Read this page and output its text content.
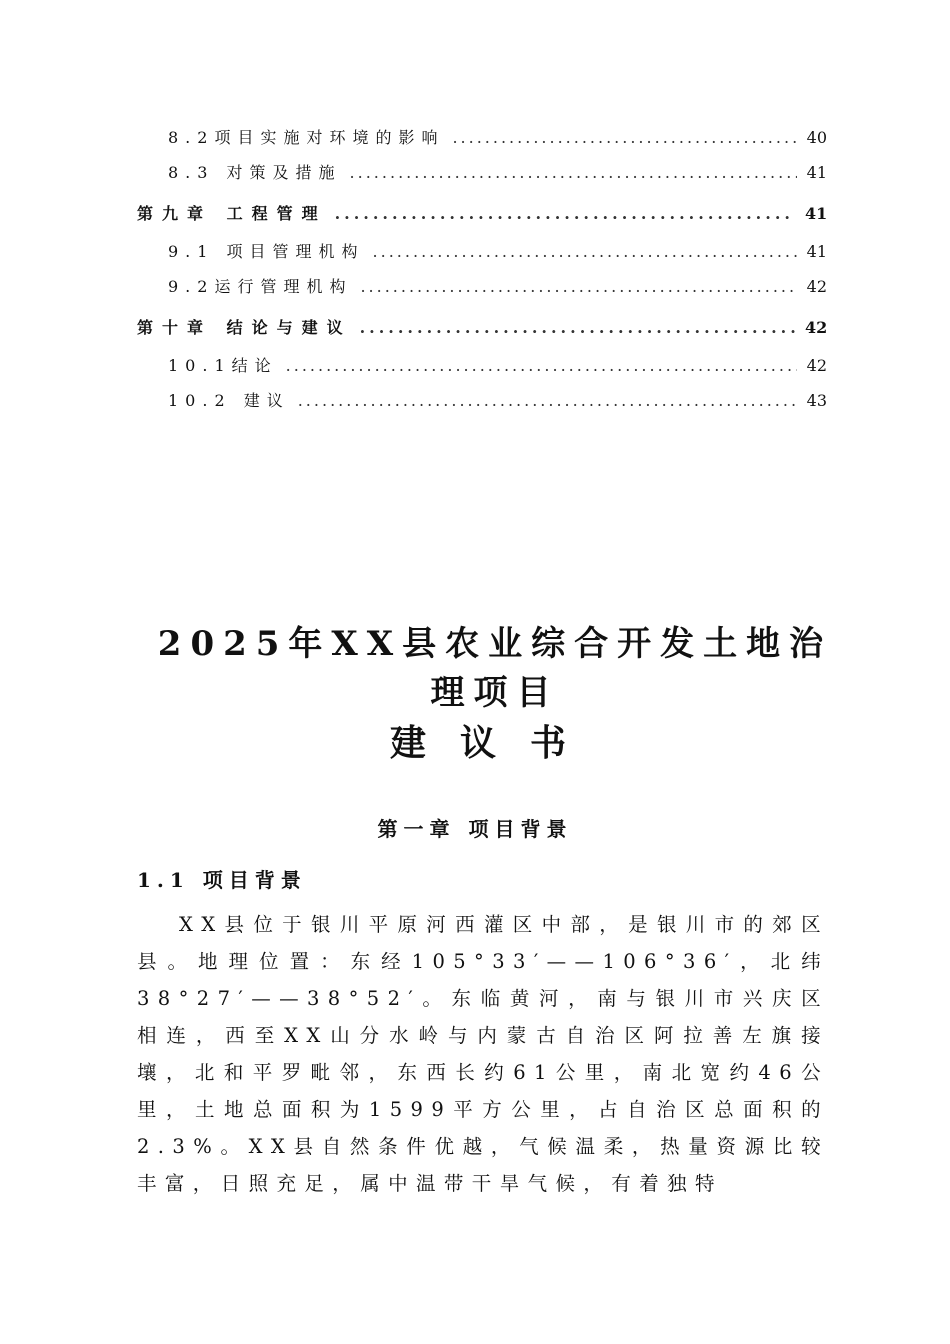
8.2项目实施对环境的影响 .....	40
8.3 对策及措施 .....	41
第九章 工程管理 .....	41
9.1 项目管理机构 .....	41
9.2运行管理机构 .....	42
第十章 结论与建议 .....	42
10.1结论 .....	42
10.2 建议 .....	43
2025年XX县农业综合开发土地治
理项目
建议书
第一章 项目背景
1.1 项目背景

XX县位于银川平原河西灌区中部，是银川市的郊区县。地理位置：东经105°33′——106°36′，北纬38°27′——38°52′。东临黄河，南与银川市兴庆区相连，西至XX山分水岭与内蒙古自治区阿拉善左旗接壤，北和平罗毗邻，东西长约61公里，南北宽约46公里，土地总面积为1599平方公里，占自治区总面积的2.3%。XX县自然条件优越，气候温柔，热量资源比较丰富，日照充足，属中温带干旱气候，有着独特
